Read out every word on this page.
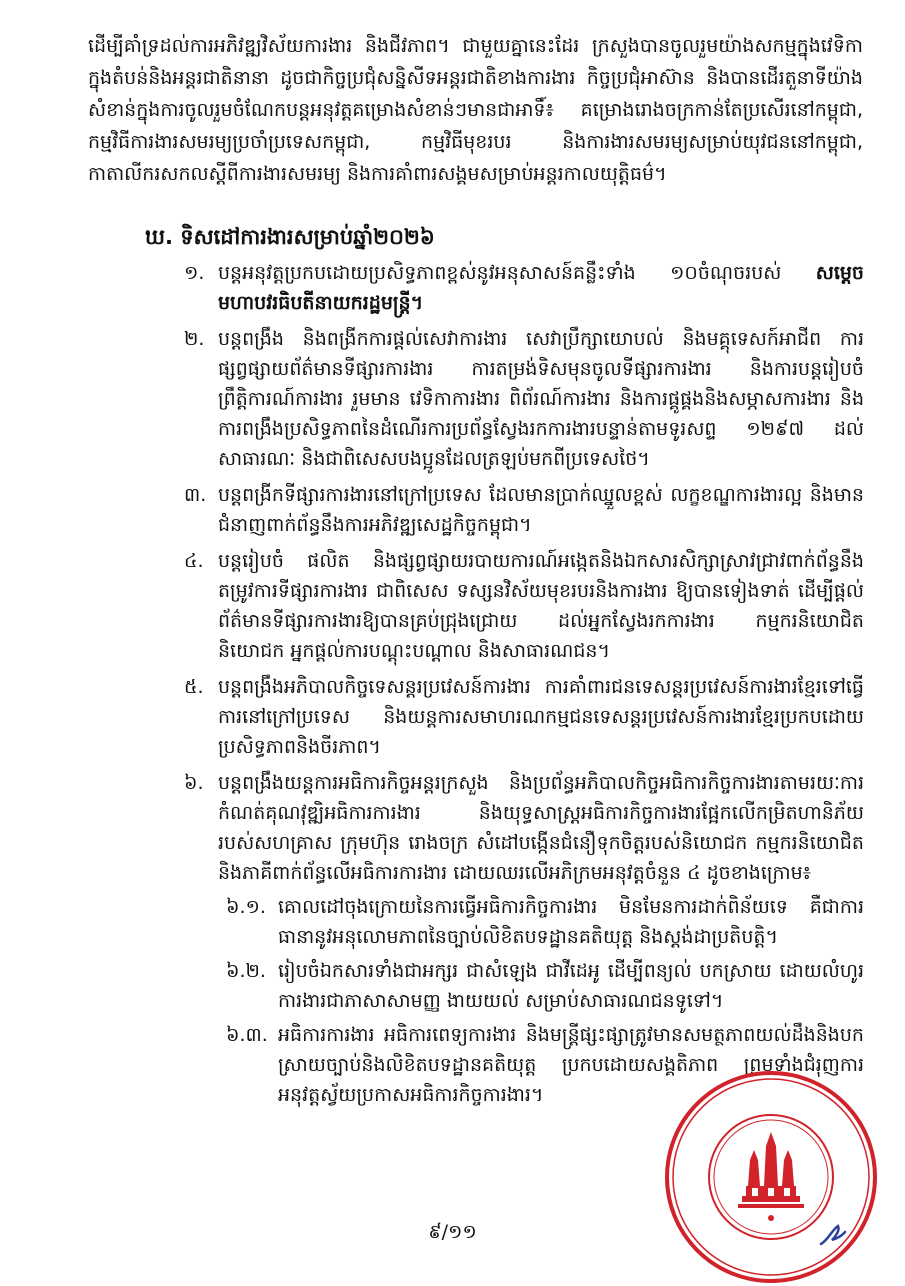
ដើម្បីគាំទ្រដល់ការអភិវឌ្ឍវិស័យការងារ និងជីវភាព។ ជាមួយគ្នានេះដែរ ក្រសួងបានចូលរួមយ៉ាងសកម្មក្នុងវេទិកាក្នុងតំបន់និងអន្តរជាតិនានា ដូចជាកិច្ចប្រជុំសន្និសីទអន្តរជាតិខាងការងារ កិច្ចប្រជុំអាស៊ាន និងបានដើរតួនាទីយ៉ាងសំខាន់ក្នុងការចូលរួមចំណែកបន្តអនុវត្តគម្រោងសំខាន់ៗមានជាអាទិ៍៖ គម្រោងរោងចក្រកាន់តែប្រសើរនៅកម្ពុជា, កម្មវិធីការងារសមរម្យប្រចាំប្រទេសកម្ពុជា, កម្មវិធីមុខរបរ និងការងារសមរម្យសម្រាប់យុវជននៅកម្ពុជា, កាតាលីករសកលស្ដីពីការងារសមរម្យ និងការគាំពារសង្គមសម្រាប់អន្តរកាលយុត្តិធម៌។
ឃ. ទិសដៅការងារសម្រាប់ឆ្នាំ២០២៦
១. បន្តអនុវត្តប្រកបដោយប្រសិទ្ធភាពខ្ពស់នូវអនុសាសន៍គន្លឹះទាំង ១០ចំណុចរបស់ សម្តេចមហាបវរធិបតីនាយករដ្ឋមន្ត្រី។
២. បន្តពង្រឹង និងពង្រីកការផ្ដល់សេវាការងារ សេវាប្រឹក្សាយោបល់ និងមគ្គុទេសក៍អាជីព ការផ្សព្វផ្សាយព័ត៌មានទីផ្សារការងារ ការតម្រង់ទិសមុនចូលទីផ្សារការងារ និងការបន្តរៀបចំព្រឹត្តិការណ៍ការងារ រួមមាន វេទិកាការងារ ពិព័រណ៍ការងារ និងការផ្គូផ្គងនិងសម្ភាសការងារ និងការពង្រឹងប្រសិទ្ធភាពនៃដំណើរការប្រព័ន្ធស្វែងរកការងារបន្ទាន់តាមទូរសព្ទ ១២៩៧ ដល់សាធារណៈ និងជាពិសេសបងប្អូនដែលត្រឡប់មកពីប្រទេសថៃ។
៣. បន្តពង្រីកទីផ្សារការងារនៅក្រៅប្រទេស ដែលមានប្រាក់ឈ្នួលខ្ពស់ លក្ខខណ្ឌការងារល្អ និងមានជំនាញពាក់ព័ន្ធនឹងការអភិវឌ្ឍសេដ្ឋកិច្ចកម្ពុជា។
៤. បន្តរៀបចំ ផលិត និងផ្សព្វផ្សាយរបាយការណ៍អង្កេតនិងឯកសារសិក្សាស្រាវជ្រាវពាក់ព័ន្ធនឹងតម្រូវការទីផ្សារការងារ ជាពិសេស ទស្សនវិស័យមុខរបរនិងការងារ ឱ្យបានទៀងទាត់ ដើម្បីផ្ដល់ព័ត៌មានទីផ្សារការងារឱ្យបានគ្រប់ជ្រុងជ្រោយ ដល់អ្នកស្វែងរកការងារ កម្មករនិយោជិត និយោជក អ្នកផ្ដល់ការបណ្ដុះបណ្ដាល និងសាធារណជន។
៥. បន្តពង្រឹងអភិបាលកិច្ចទេសន្តរប្រវេសន៍ការងារ ការគាំពារជនទេសន្តរប្រវេសន៍ការងារខ្មែរទៅធ្វើការនៅក្រៅប្រទេស និងយន្តការសមាហរណកម្មជនទេសន្តរប្រវេសន៍ការងារខ្មែរប្រកបដោយប្រសិទ្ធភាពនិងចីរភាព។
៦. បន្តពង្រឹងយន្តការអធិការកិច្ចអន្តរក្រសួង និងប្រព័ន្ធអភិបាលកិច្ចអធិការកិច្ចការងារតាមរយៈការកំណត់គុណវុឌ្ឍិអធិការការងារ និងយុទ្ធសាស្ត្រអធិការកិច្ចការងារផ្អែកលើកម្រិតហានិភ័យរបស់សហគ្រាស ក្រុមហ៊ុន រោងចក្រ សំដៅបង្កើនជំនឿទុកចិត្តរបស់និយោជក កម្មករនិយោជិត និងភាគីពាក់ព័ន្ធលើអធិការការងារ ដោយឈរលើអភិក្រមអនុវត្តចំនួន ៤ ដូចខាងក្រោម៖
៦.១. គោលដៅចុងក្រោយនៃការធ្វើអធិការកិច្ចការងារ មិនមែនការដាក់ពិន័យទេ គឺជាការធានានូវអនុលោមភាពនៃច្បាប់លិខិតបទដ្ឋានគតិយុត្ត និងស្ដង់ដាប្រតិបត្តិ។
៦.២. រៀបចំឯកសារទាំងជាអក្សរ ជាសំឡេង ជាវីដេអូ ដើម្បីពន្យល់ បកស្រាយ ដោយលំហូរការងារជាភាសាសាមញ្ញ ងាយយល់ សម្រាប់សាធារណជនទូទៅ។
៦.៣. អធិការការងារ អធិការពេទ្យការងារ និងមន្ត្រីផ្សះផ្សាត្រូវមានសមត្ថភាពយល់ដឹងនិងបកស្រាយច្បាប់និងលិខិតបទដ្ឋានគតិយុត្ត ប្រកបដោយសង្គតិភាព ព្រមទាំងជំរុញការអនុវត្តស្វ័យប្រកាសអធិការកិច្ចការងារ។
៩/១១
